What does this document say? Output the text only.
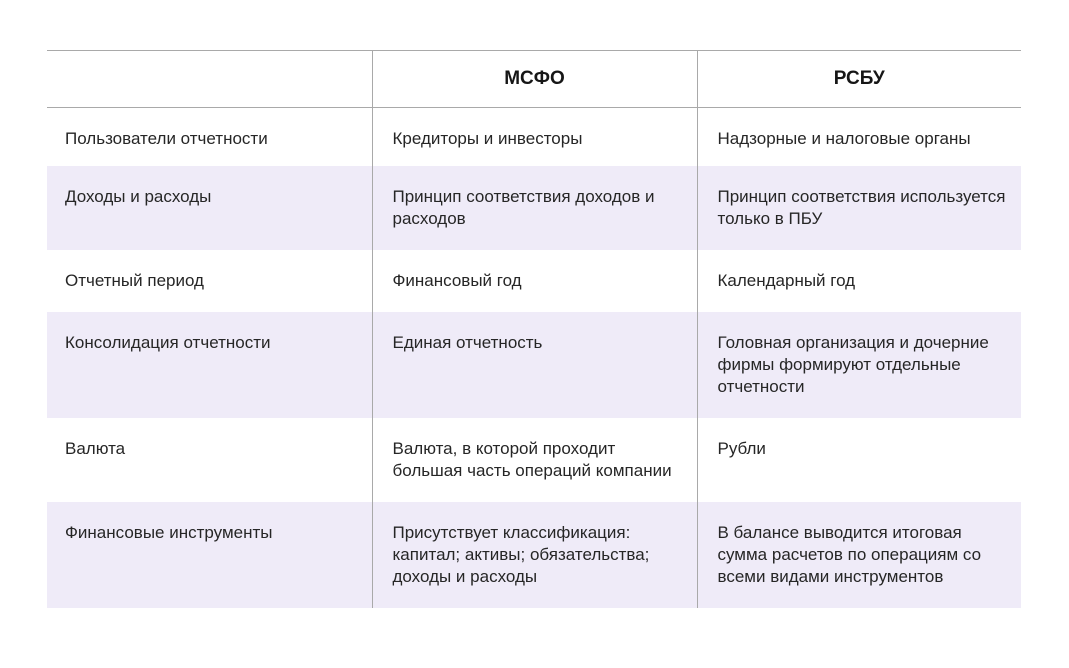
	МСФО	РСБУ
Пользователи отчетности	Кредиторы и инвесторы	Надзорные и налоговые органы
Доходы и расходы	Принцип соответствия доходов и расходов	Принцип соответствия используется только в ПБУ
Отчетный период	Финансовый год	Календарный год
Консолидация отчетности	Единая отчетность	Головная организация и дочерние фирмы формируют отдельные отчетности
Валюта	Валюта, в которой проходит большая часть операций компании	Рубли
Финансовые инструменты	Присутствует классификация: капитал; активы; обязательства; доходы и расходы	В балансе выводится итоговая сумма расчетов по операциям со всеми видами инструментов
